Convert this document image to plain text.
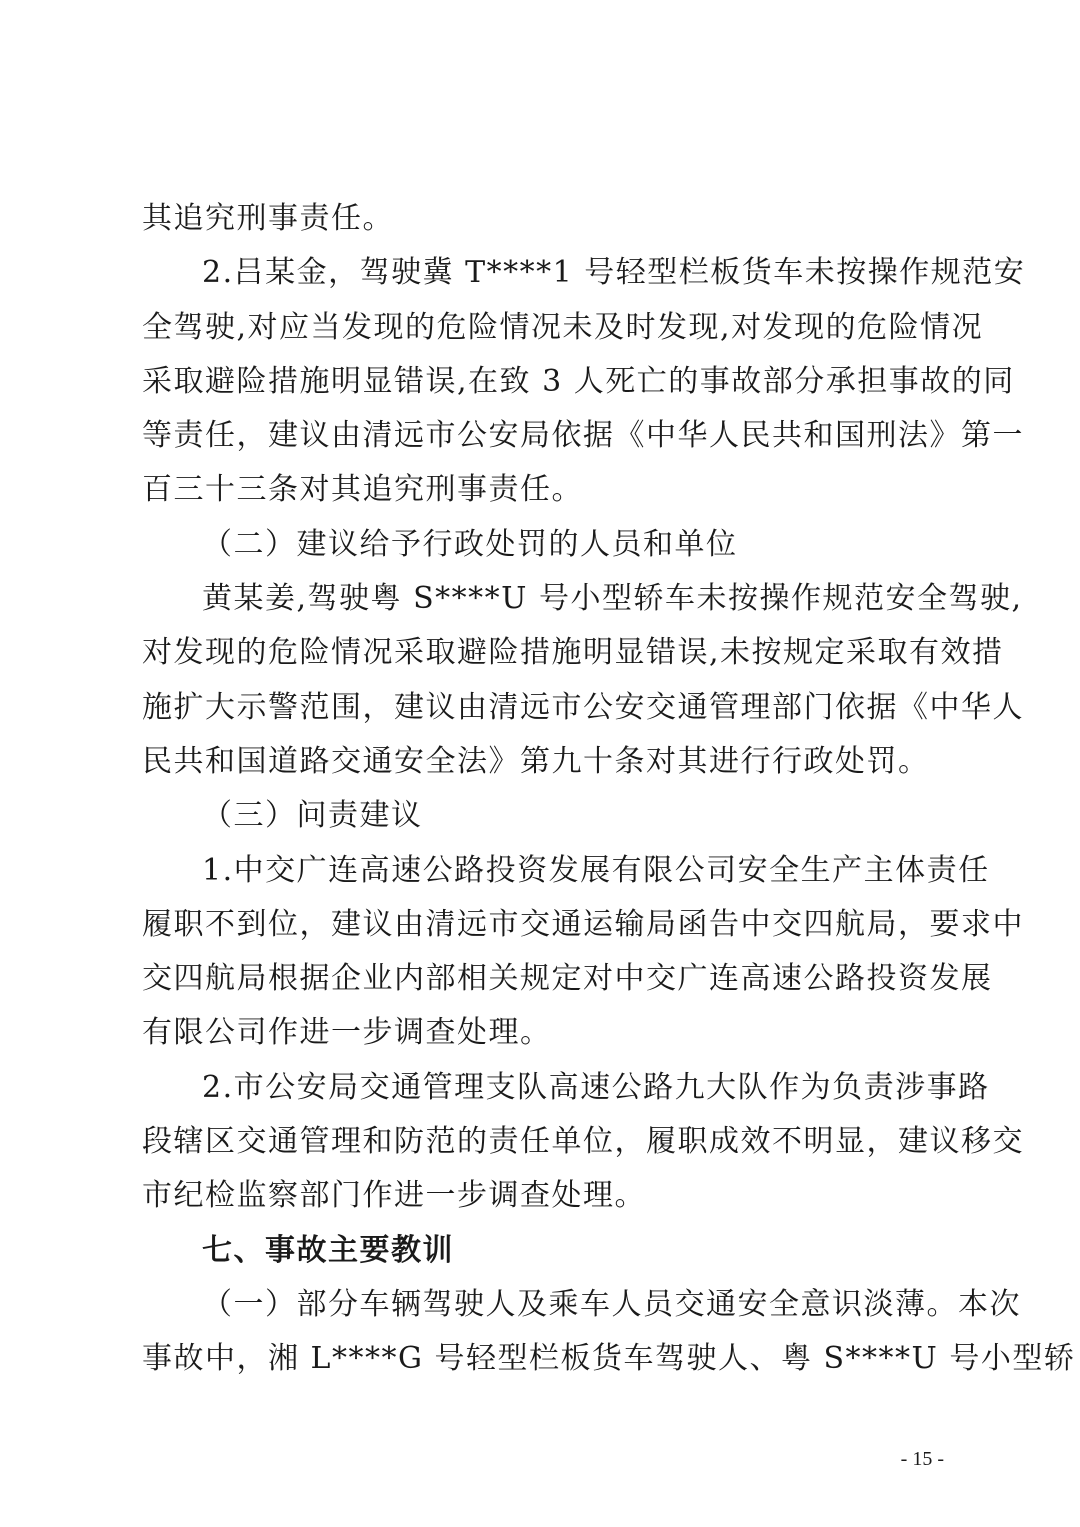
其追究刑事责任。
2.吕某金，驾驶冀 T****1 号轻型栏板货车未按操作规范安
全驾驶,对应当发现的危险情况未及时发现,对发现的危险情况
采取避险措施明显错误,在致 3 人死亡的事故部分承担事故的同
等责任，建议由清远市公安局依据《中华人民共和国刑法》第一
百三十三条对其追究刑事责任。
（二）建议给予行政处罚的人员和单位
黄某姜,驾驶粤 S****U 号小型轿车未按操作规范安全驾驶,
对发现的危险情况采取避险措施明显错误,未按规定采取有效措
施扩大示警范围，建议由清远市公安交通管理部门依据《中华人
民共和国道路交通安全法》第九十条对其进行行政处罚。
（三）问责建议
1.中交广连高速公路投资发展有限公司安全生产主体责任
履职不到位，建议由清远市交通运输局函告中交四航局，要求中
交四航局根据企业内部相关规定对中交广连高速公路投资发展
有限公司作进一步调查处理。
2.市公安局交通管理支队高速公路九大队作为负责涉事路
段辖区交通管理和防范的责任单位，履职成效不明显，建议移交
市纪检监察部门作进一步调查处理。
七、事故主要教训
（一）部分车辆驾驶人及乘车人员交通安全意识淡薄。本次
事故中，湘 L****G 号轻型栏板货车驾驶人、粤 S****U 号小型轿
- 15 -
